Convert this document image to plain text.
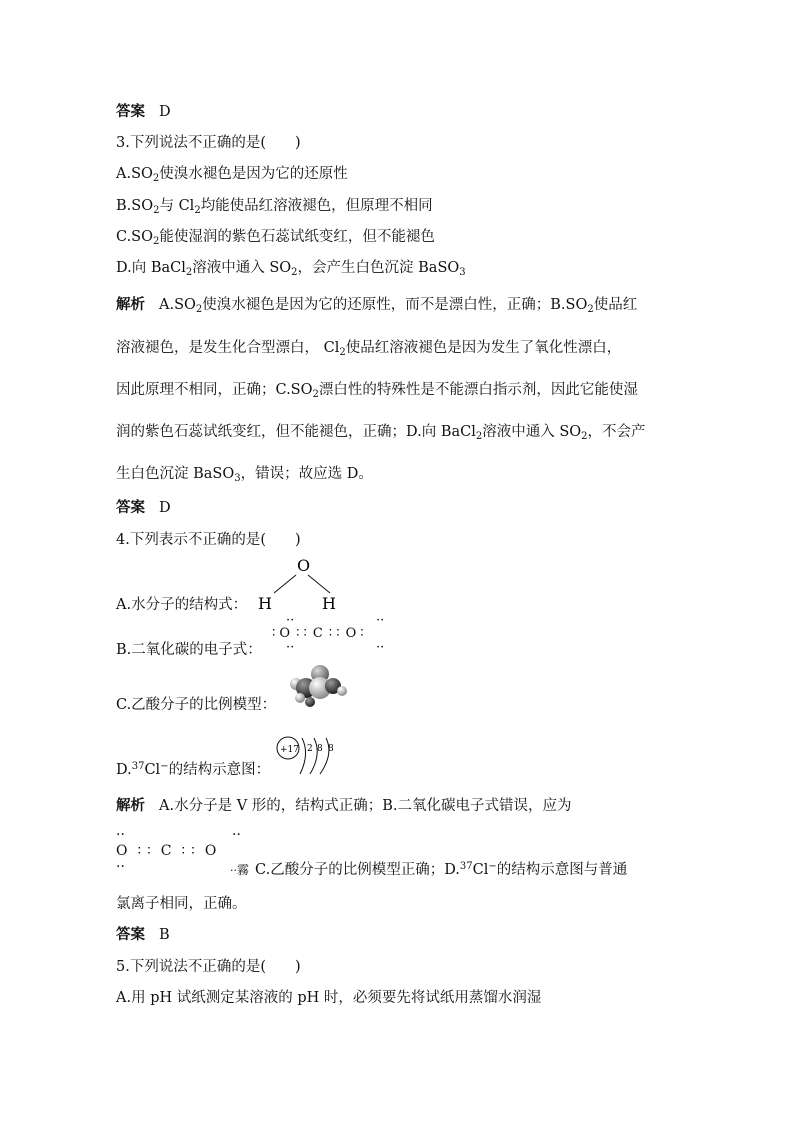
答案 D
3.下列说法不正确的是(　　)
$A.SO_2$使溴水褪色是因为它的还原性
$B.SO_2$与 $Cl_2$均能使品红溶液褪色，但原理不相同
$C.SO_2$能使湿润的紫色石蕊试纸变红，但不能褪色
D.向 BaCl$_2$溶液中通入 $SO_2$，会产生白色沉淀 BaSO$_3$
解析 $A.SO_2$使溴水褪色是因为它的还原性，而不是漂白性，正确；$B.SO_2$使品红
溶液褪色，是发生化合型漂白， $Cl_2$使品红溶液褪色是因为发生了氧化性漂白，
因此原理不相同，正确；$C.SO_2$漂白性的特殊性是不能漂白指示剂，因此它能使湿
润的紫色石蕊试纸变红，但不能褪色，正确；D.向 BaCl$_2$溶液中通入 $SO_2$，不会产
生白色沉淀 BaSO$_3$，错误；故应选 D。
答案 D
4.下列表示不正确的是(　　)
A.水分子的结构式：
O
H	H
B.二氧化碳的电子式：
··	··
∶ O ∶ ∶ C ∶ ∶ O ∶
··	··
C.乙酸分子的比例模型：
D.$^{37}$Cl−的结构示意图：
+17 2 8 8
解析 A.水分子是 V 形的，结构式正确；B.二氧化碳电子式错误，应为
··	··
O ∶ ∶ C ∶ ∶ O
··	··霧 C.乙酸分子的比例模型正确；D.$^{37}$Cl−的结构示意图与普通
氯离子相同，正确。
答案 B
5.下列说法不正确的是(　　)
A.用 pH 试纸测定某溶液的 pH 时，必须要先将试纸用蒸馏水润湿
